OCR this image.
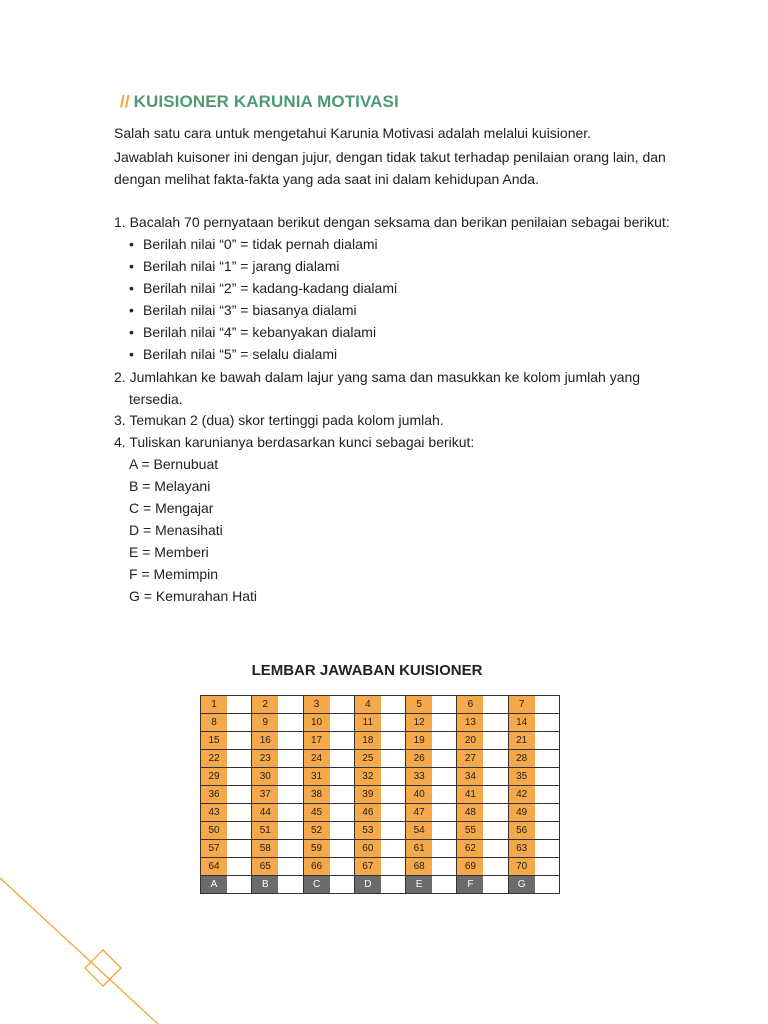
// KUISIONER KARUNIA MOTIVASI
Salah satu cara untuk mengetahui Karunia Motivasi adalah melalui kuisioner.
Jawablah kuisoner ini dengan jujur, dengan tidak takut terhadap penilaian orang lain, dan
dengan melihat fakta-fakta yang ada saat ini dalam kehidupan Anda.
1. Bacalah 70 pernyataan berikut dengan seksama dan berikan penilaian sebagai berikut:
• Berilah nilai “0” = tidak pernah dialami
• Berilah nilai “1” = jarang dialami
• Berilah nilai “2” = kadang-kadang dialami
• Berilah nilai “3” = biasanya dialami
• Berilah nilai “4” = kebanyakan dialami
• Berilah nilai “5” = selalu dialami
2. Jumlahkan ke bawah dalam lajur yang sama dan masukkan ke kolom jumlah yang
tersedia.
3. Temukan 2 (dua) skor tertinggi pada kolom jumlah.
4. Tuliskan karunianya berdasarkan kunci sebagai berikut:
A = Bernubuat
B = Melayani
C = Mengajar
D = Menasihati
E = Memberi
F = Memimpin
G = Kemurahan Hati
LEMBAR JAWABAN KUISIONER
1	2	3	4	5	6	7

8	9	10	11	12	13	14

15	16	17	18	19	20	21

22	23	24	25	26	27	28

29	30	31	32	33	34	35

36	37	38	39	40	41	42

43	44	45	46	47	48	49

50	51	52	53	54	55	56

57	58	59	60	61	62	63

64	65	66	67	68	69	70

A	B	C	D	E	F	G
